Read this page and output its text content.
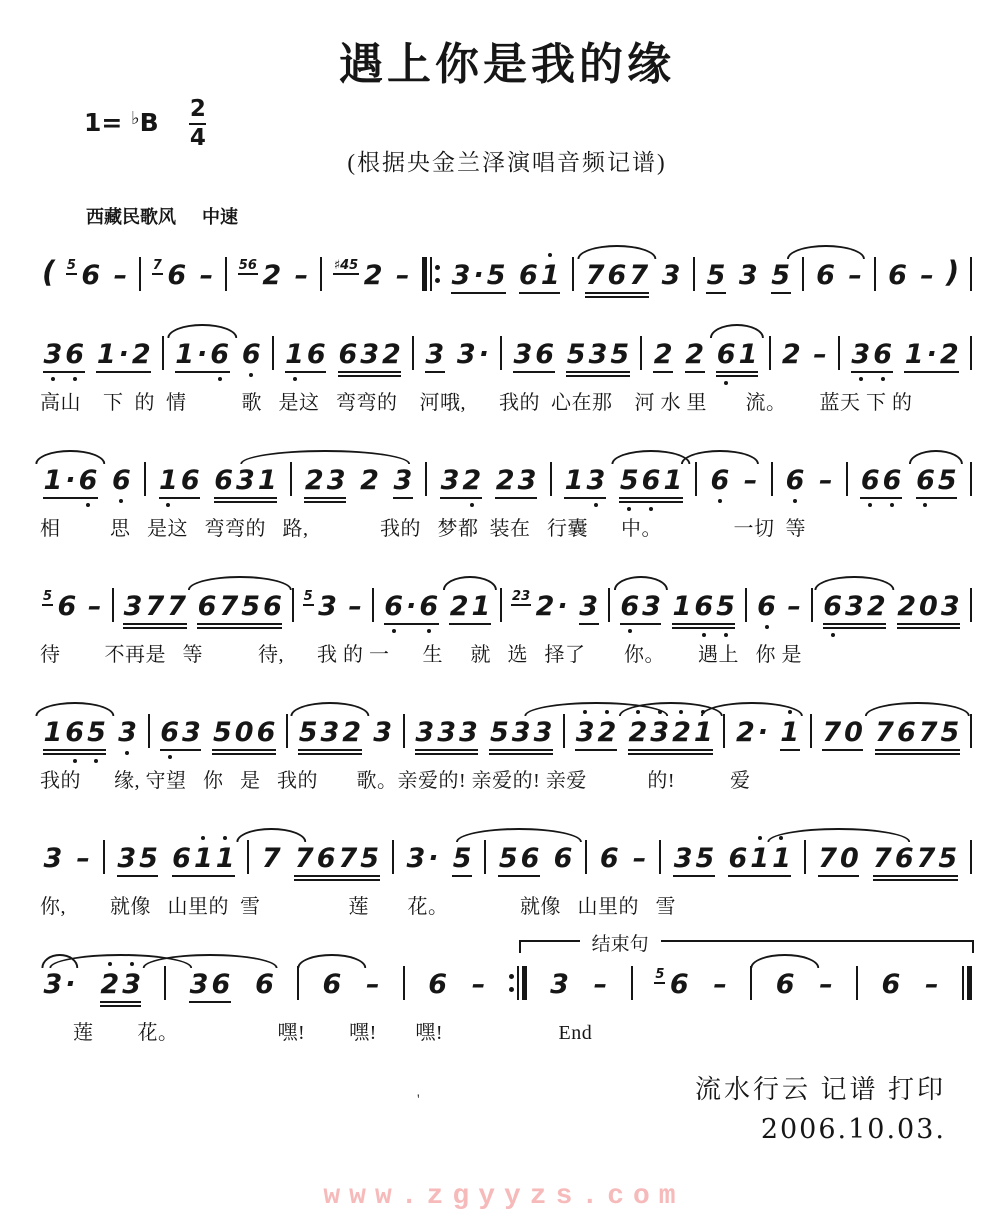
遇上你是我的缘
$1= ^♭B \frac{2}{4}$
(根据央金兰泽演唱音频记谱)
西藏民歌风 中速
( 5 6 – 7 6 – 56 2 – ♯45 2 – 3 · 5 6 1 7 6 7 3 5 3 5 6 – 6 – )
3 6 1 · 2 1 · 6 6 1 6 6 3 2 3 3 · 3 6 5 3 5 2 2 6 1 2 – 3 6 1 · 2
高山    下  的  情          歌   是这   弯弯的    河哦,      我的  心在那    河 水 里       流。      蓝天 下 的
1 · 6 6 1 6 6 3 1 2 3 2 3 3 2 2 3 1 3 5 6 1 6 – 6 – 6 6 6 5
相         思   是这   弯弯的   路,             我的   梦都  装在   行囊      中。             一切  等
5 6 – 3 7 7 6 7 5 6 5 3 – 6 · 6 2 1 23 2 · 3 6 3 1 6 5 6 – 6 3 2 2 0 3
待        不再是   等          待,      我 的 一      生     就   选   择了       你。      遇上   你 是
1 6 5 3 6 3 5 0 6 5 3 2 3 3 3 3 5 3 3 3 2 2 3 2 1 2 · 1 7 0 7 6 7 5
我的      缘, 守望   你   是   我的       歌。亲爱的! 亲爱的! 亲爱           的!          爱
3 – 3 5 6 1 1 7 7 6 7 5 3 · 5 5 6 6 6 – 3 5 6 1 1 7 0 7 6 7 5
你,        就像   山里的  雪                莲       花。             就像   山里的   雪
3 · 2 3 3 6 6 6 – 6 – 3 –	5 6 – 6 – 6 –
结束句
莲        花。                  嘿!        嘿!       嘿!                     End
流水行云 记谱 打印
2006.10.03.
'
www.zgyyzs.com
